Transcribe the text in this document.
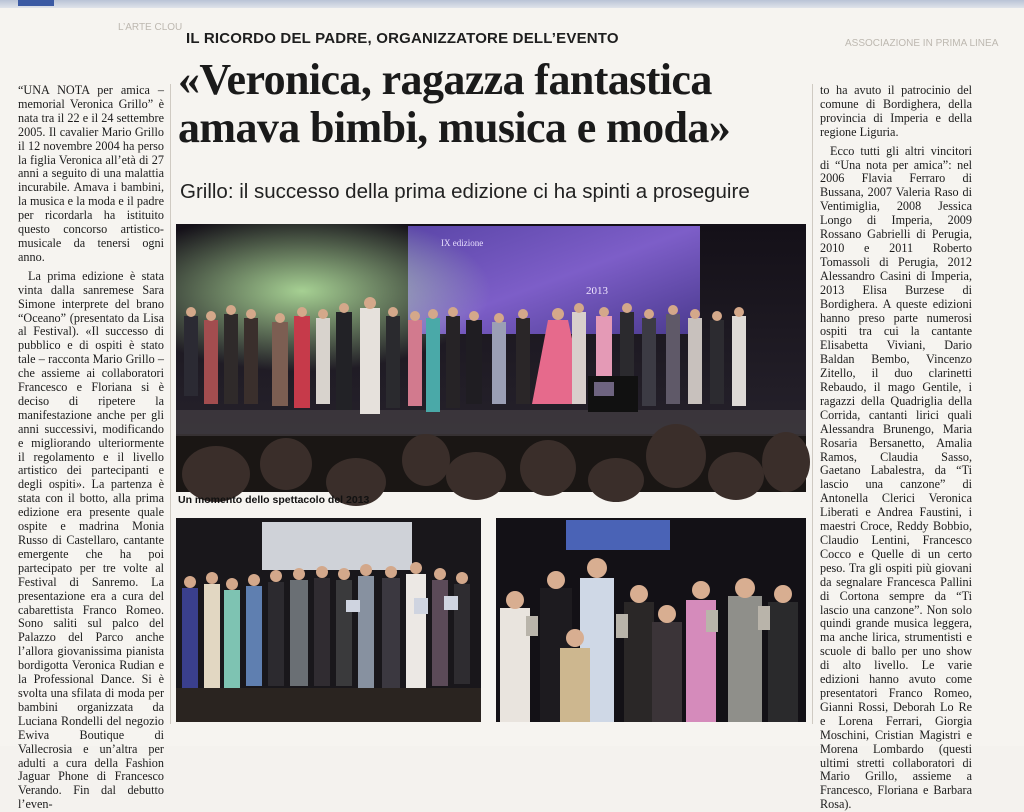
L’ARTE CLOU
ASSOCIAZIONE IN PRIMA LINEA
IL RICORDO DEL PADRE, ORGANIZZATORE DELL’EVENTO
«Veronica, ragazza fantastica
amava bimbi, musica e moda»
Grillo: il successo della prima edizione ci ha spinti a proseguire

“UNA NOTA per amica – memorial Veronica Grillo” è nata tra il 22 e il 24 settembre 2005. Il cavalier Mario Grillo il 12 novembre 2004 ha perso la figlia Veronica all’età di 27 anni a seguito di una malattia incurabile. Amava i bambini, la musica e la moda e il padre per ricordarla ha istituito questo concorso artistico-musicale da tenersi ogni anno.

La prima edizione è stata vinta dalla sanremese Sara Simone interprete del brano “Oceano” (presentato da Lisa al Festival). «Il successo di pubblico e di ospiti è stato tale – racconta Mario Grillo – che assieme ai collaboratori Francesco e Floriana si è deciso di ripetere la manifestazione anche per gli anni successivi, modificando e migliorando ulteriormente il regolamento e il livello artistico dei partecipanti e degli ospiti». La partenza è stata con il botto, alla prima edizione era presente quale ospite e madrina Monia Russo di Castellaro, cantante emergente che ha poi partecipato per tre volte al Festival di Sanremo. La presentazione era a cura del cabarettista Franco Romeo. Sono saliti sul palco del Palazzo del Parco anche l’allora giovanissima pianista bordigotta Veronica Rudian e la Professional Dance. Si è svolta una sfilata di moda per bambini organizzata da Luciana Rondelli del negozio Ewiva Boutique di Vallecrosia e un’altra per adulti a cura della Fashion Jaguar Phone di Francesco Verando. Fin dal debutto l’even-

to ha avuto il patrocinio del comune di Bordighera, della provincia di Imperia e della regione Liguria.

Ecco tutti gli altri vincitori di “Una nota per amica”: nel 2006 Flavia Ferraro di Bussana, 2007 Valeria Raso di Ventimiglia, 2008 Jessica Longo di Imperia, 2009 Rossano Gabrielli di Perugia, 2010 e 2011 Roberto Tomassoli di Perugia, 2012 Alessandro Casini di Imperia, 2013 Elisa Burzese di Bordighera. A queste edizioni hanno preso parte numerosi ospiti tra cui la cantante Elisabetta Viviani, Dario Baldan Bembo, Vincenzo Zitello, il duo clarinetti Rebaudo, il mago Gentile, i ragazzi della Quadriglia della Corrida, cantanti lirici quali Alessandra Brunengo, Maria Rosaria Bersanetto, Amalia Ramos, Claudia Sasso, Gaetano Labalestra, da “Ti lascio una canzone” di Antonella Clerici Veronica Liberati e Andrea Faustini, i maestri Croce, Reddy Bobbio, Claudio Lentini, Francesco Cocco e Quelle di un certo peso. Tra gli ospiti più giovani da segnalare Francesca Pallini di Cortona sempre da “Ti lascio una canzone”. Non solo quindi grande musica leggera, ma anche lirica, strumentisti e scuole di ballo per uno show di alto livello. Le varie edizioni hanno avuto come presentatori Franco Romeo, Gianni Rossi, Deborah Lo Re e Lorena Ferrari, Giorgia Moschini, Cristian Magistri e Morena Lombardo (questi ultimi stretti collaboratori di Mario Grillo, assieme a Francesco, Floriana e Barbara Rosa).

Un momento dello spettacolo del 2013
